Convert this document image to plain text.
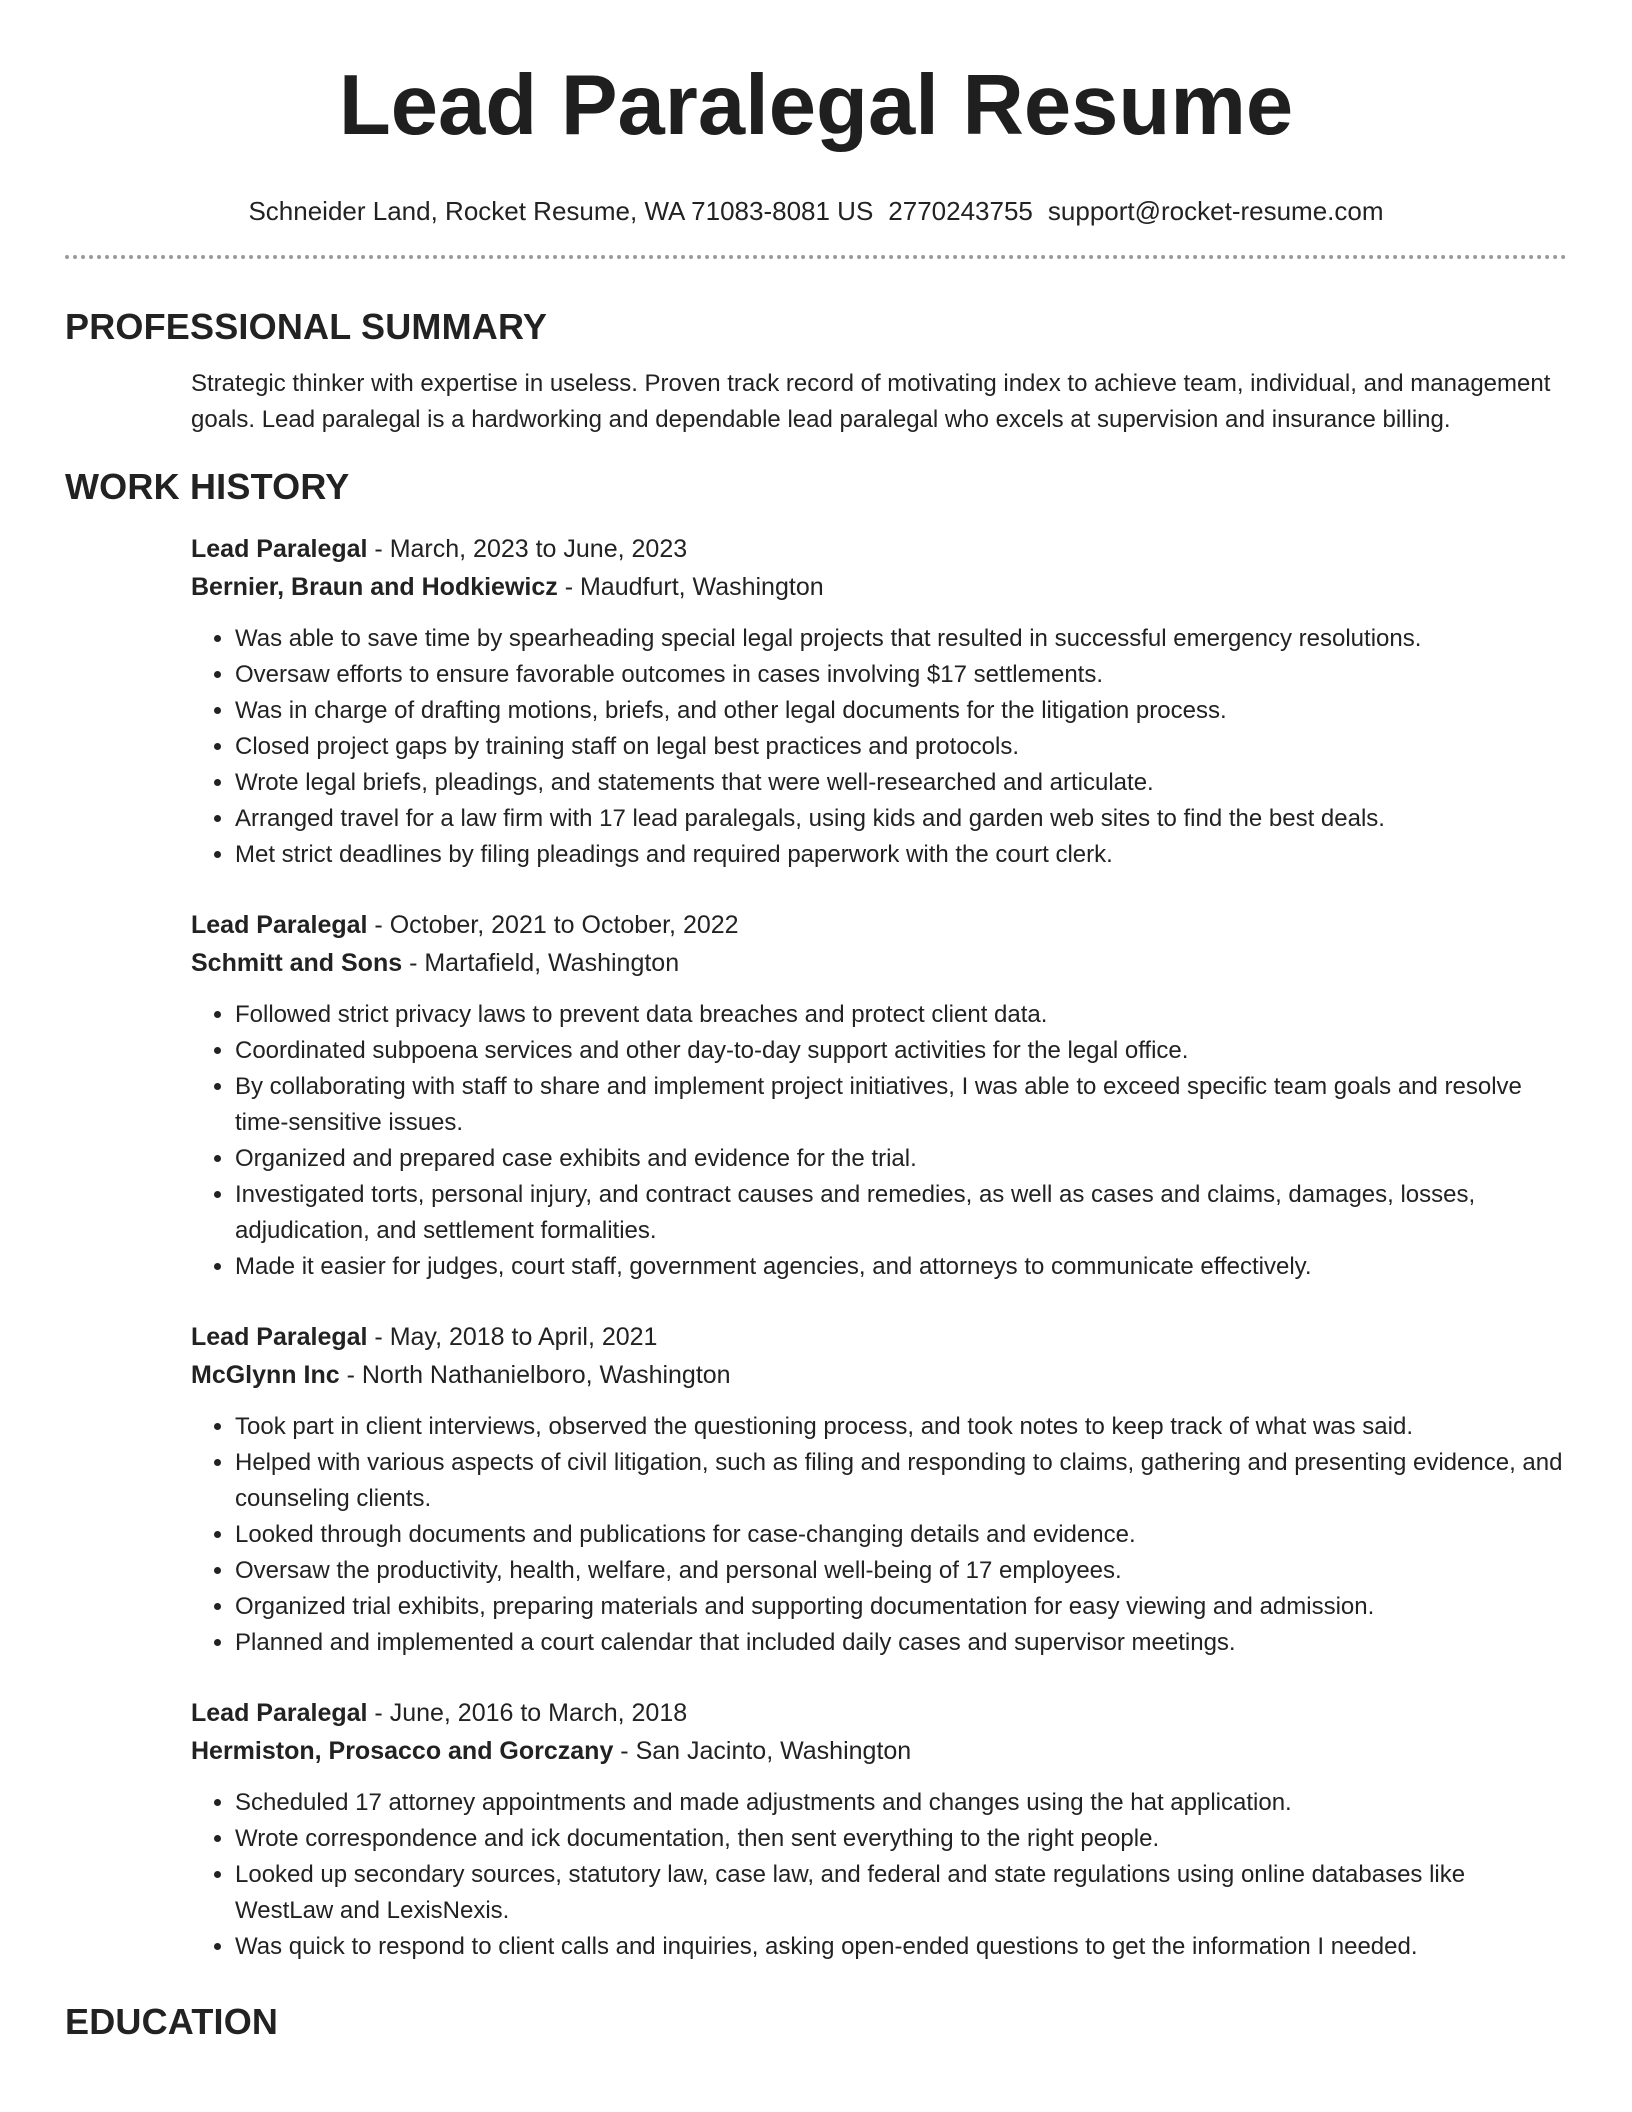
Lead Paralegal Resume
Schneider Land, Rocket Resume, WA 71083-8081 US 2770243755 support@rocket-resume.com
PROFESSIONAL SUMMARY

Strategic thinker with expertise in useless. Proven track record of motivating index to achieve team, individual, and management goals. Lead paralegal is a hardworking and dependable lead paralegal who excels at supervision and insurance billing.

WORK HISTORY
Lead Paralegal - March, 2023 to June, 2023
Bernier, Braun and Hodkiewicz - Maudfurt, Washington
• Was able to save time by spearheading special legal projects that resulted in successful emergency resolutions.
• Oversaw efforts to ensure favorable outcomes in cases involving $17 settlements.
• Was in charge of drafting motions, briefs, and other legal documents for the litigation process.
• Closed project gaps by training staff on legal best practices and protocols.
• Wrote legal briefs, pleadings, and statements that were well-researched and articulate.
• Arranged travel for a law firm with 17 lead paralegals, using kids and garden web sites to find the best deals.
• Met strict deadlines by filing pleadings and required paperwork with the court clerk.
Lead Paralegal - October, 2021 to October, 2022
Schmitt and Sons - Martafield, Washington
• Followed strict privacy laws to prevent data breaches and protect client data.
• Coordinated subpoena services and other day-to-day support activities for the legal office.
• By collaborating with staff to share and implement project initiatives, I was able to exceed specific team goals and resolve time-sensitive issues.
• Organized and prepared case exhibits and evidence for the trial.
• Investigated torts, personal injury, and contract causes and remedies, as well as cases and claims, damages, losses, adjudication, and settlement formalities.
• Made it easier for judges, court staff, government agencies, and attorneys to communicate effectively.
Lead Paralegal - May, 2018 to April, 2021
McGlynn Inc - North Nathanielboro, Washington
• Took part in client interviews, observed the questioning process, and took notes to keep track of what was said.
• Helped with various aspects of civil litigation, such as filing and responding to claims, gathering and presenting evidence, and counseling clients.
• Looked through documents and publications for case-changing details and evidence.
• Oversaw the productivity, health, welfare, and personal well-being of 17 employees.
• Organized trial exhibits, preparing materials and supporting documentation for easy viewing and admission.
• Planned and implemented a court calendar that included daily cases and supervisor meetings.
Lead Paralegal - June, 2016 to March, 2018
Hermiston, Prosacco and Gorczany - San Jacinto, Washington
• Scheduled 17 attorney appointments and made adjustments and changes using the hat application.
• Wrote correspondence and ick documentation, then sent everything to the right people.
• Looked up secondary sources, statutory law, case law, and federal and state regulations using online databases like WestLaw and LexisNexis.
• Was quick to respond to client calls and inquiries, asking open-ended questions to get the information I needed.
EDUCATION
